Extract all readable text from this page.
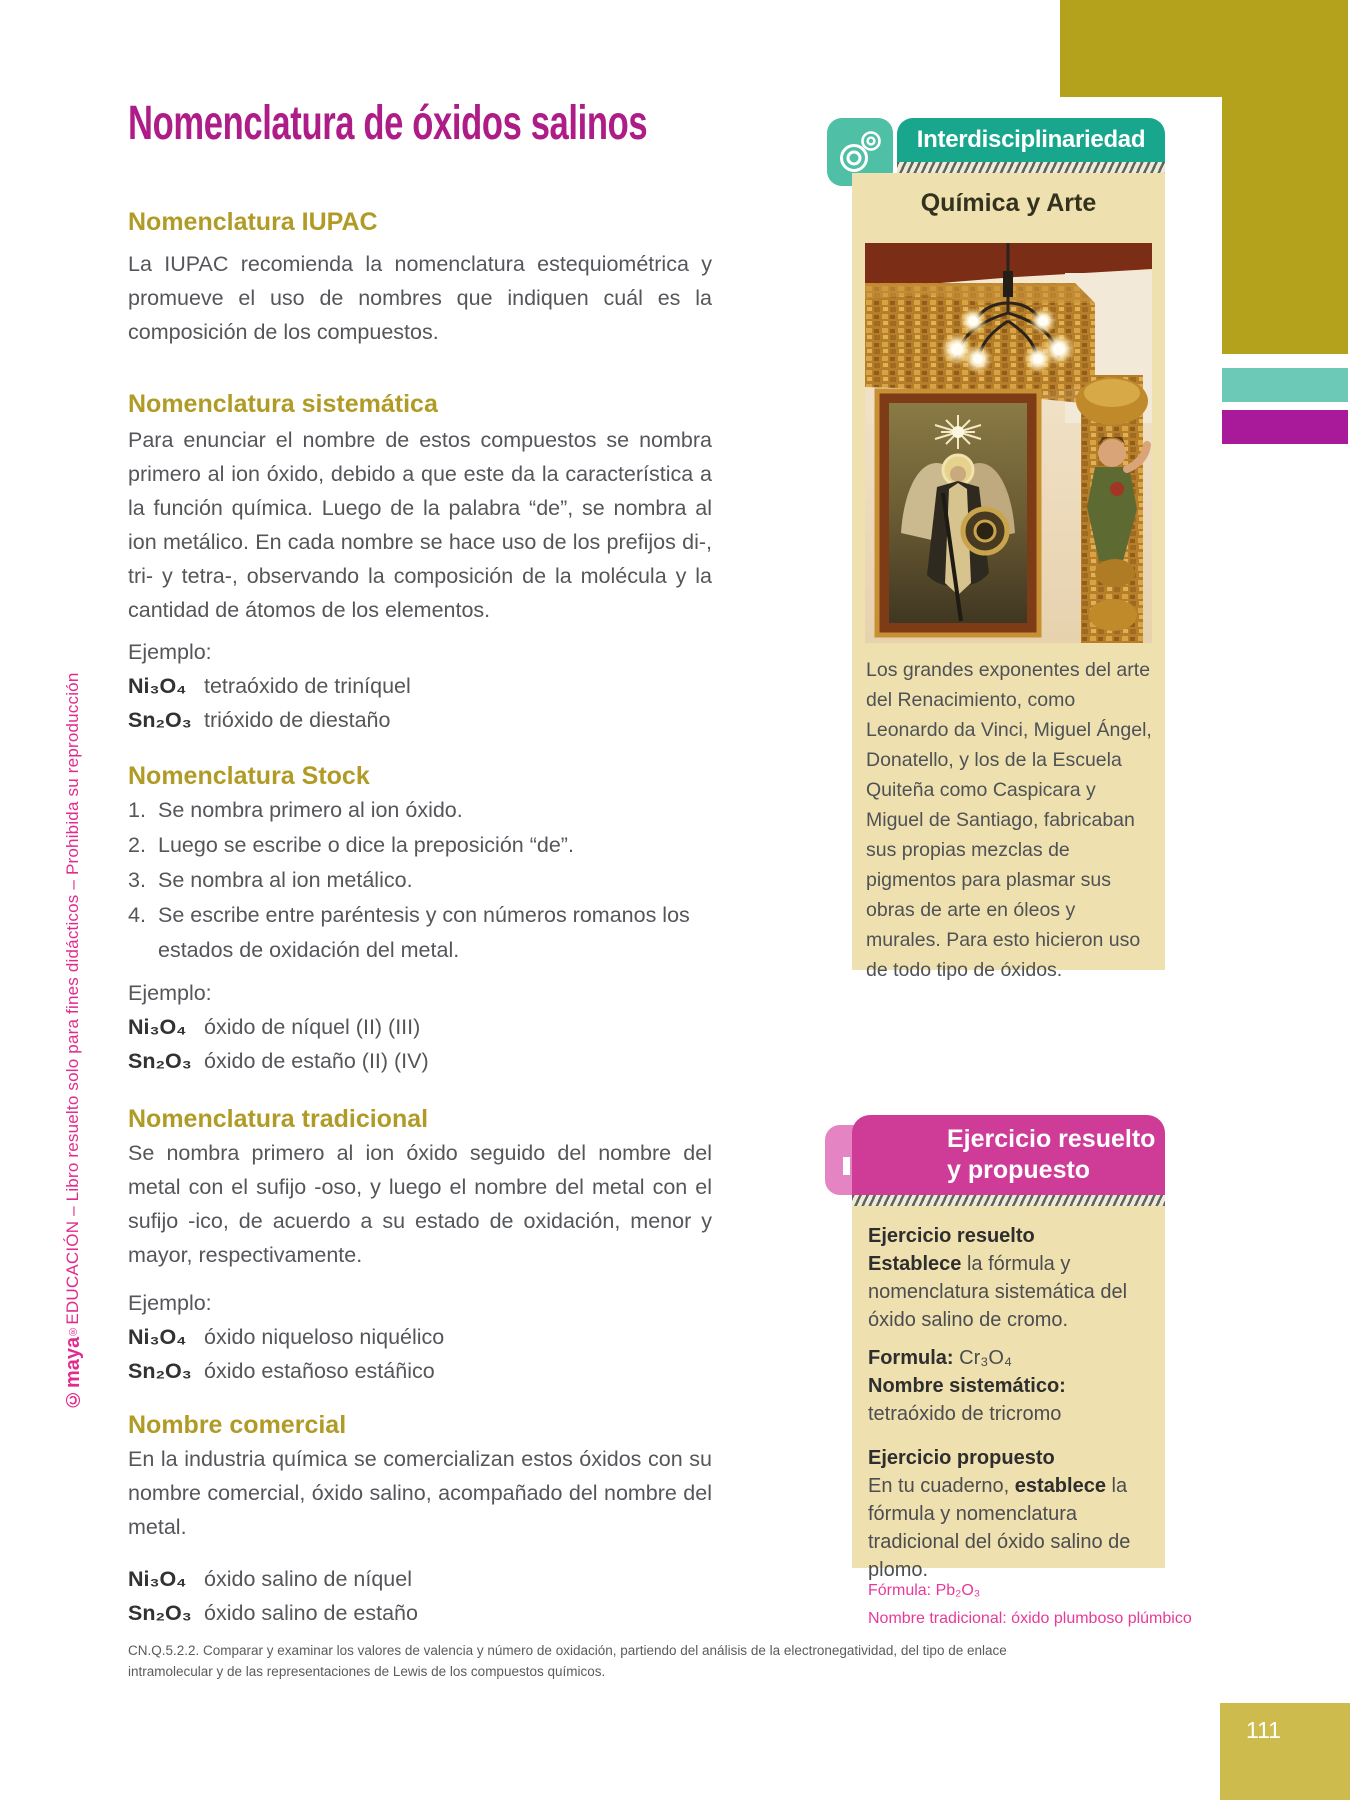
111
©maya®EDUCACIÓN – Libro resuelto solo para fines didácticos – Prohibida su reproducción
Nomenclatura de óxidos salinos
Nomenclatura IUPAC
La IUPAC recomienda la nomenclatura estequiométrica y promueve el uso de nombres que indiquen cuál es la composición de los compuestos.
Nomenclatura sistemática
Para enunciar el nombre de estos compuestos se nombra primero al ion óxido, debido a que este da la característica a la función química. Luego de la palabra “de”, se nombra al ion metálico. En cada nombre se hace uso de los prefijos di-, tri- y tetra-, observando la composición de la molécula y la cantidad de átomos de los elementos.
Ejemplo:
Ni₃O₄ tetraóxido de triníquel
Sn₂O₃ trióxido de diestaño
Nomenclatura Stock
1. Se nombra primero al ion óxido.
2. Luego se escribe o dice la preposición “de”.
3. Se nombra al ion metálico.
4. Se escribe entre paréntesis y con números romanos los estados de oxidación del metal.
Ejemplo:
Ni₃O₄ óxido de níquel (II) (III)
Sn₂O₃ óxido de estaño (II) (IV)
Nomenclatura tradicional
Se nombra primero al ion óxido seguido del nombre del metal con el sufijo -oso, y luego el nombre del metal con el sufijo -ico, de acuerdo a su estado de oxidación, menor y mayor, respectivamente.
Ejemplo:
Ni₃O₄ óxido niqueloso niquélico
Sn₂O₃ óxido estañoso estáñico
Nombre comercial
En la industria química se comercializan estos óxidos con su nombre comercial, óxido salino, acompañado del nombre del metal.
Ni₃O₄ óxido salino de níquel
Sn₂O₃ óxido salino de estaño
CN.Q.5.2.2. Comparar y examinar los valores de valencia y número de oxidación, partiendo del análisis de la electronegatividad, del tipo de enlace intramolecular y de las representaciones de Lewis de los compuestos químicos.
Interdisciplinariedad
Química y Arte
Los grandes exponentes del arte del Renacimiento, como Leonardo da Vinci, Miguel Ángel, Donatello, y los de la Escuela Quiteña como Caspicara y Miguel de Santiago, fabricaban sus propias mezclas de pigmentos para plasmar sus obras de arte en óleos y murales. Para esto hicieron uso de todo tipo de óxidos.
Ejercicio resuelto
y propuesto
Ejercicio resuelto
Establece la fórmula y nomenclatura sistemática del óxido salino de cromo.
Formula: Cr₃O₄
Nombre sistemático:
tetraóxido de tricromo
Ejercicio propuesto
En tu cuaderno, establece la fórmula y nomenclatura tradicional del óxido salino de plomo.
Fórmula: Pb₂O₃
Nombre tradicional: óxido plumboso plúmbico
